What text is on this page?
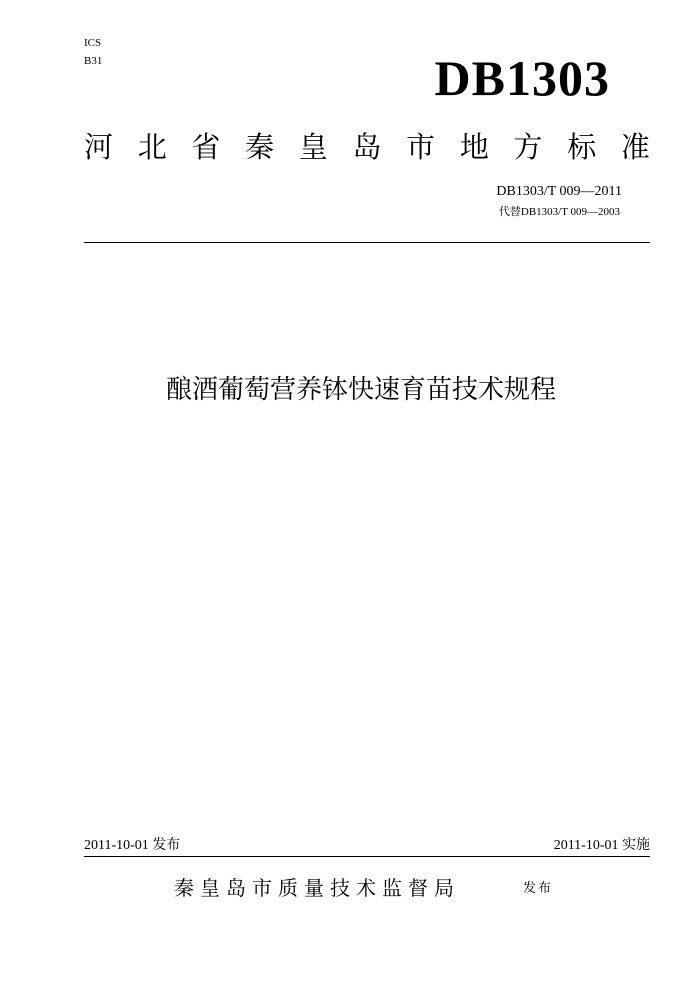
ICS
B31	DB1303
河 北 省 秦 皇 岛 市 地 方 标 准
DB1303/T 009—2011
代替DB1303/T 009—2003
酿酒葡萄营养钵快速育苗技术规程
2011-10-01 发布	2011-10-01 实施
秦皇岛市质量技术监督局	发布
